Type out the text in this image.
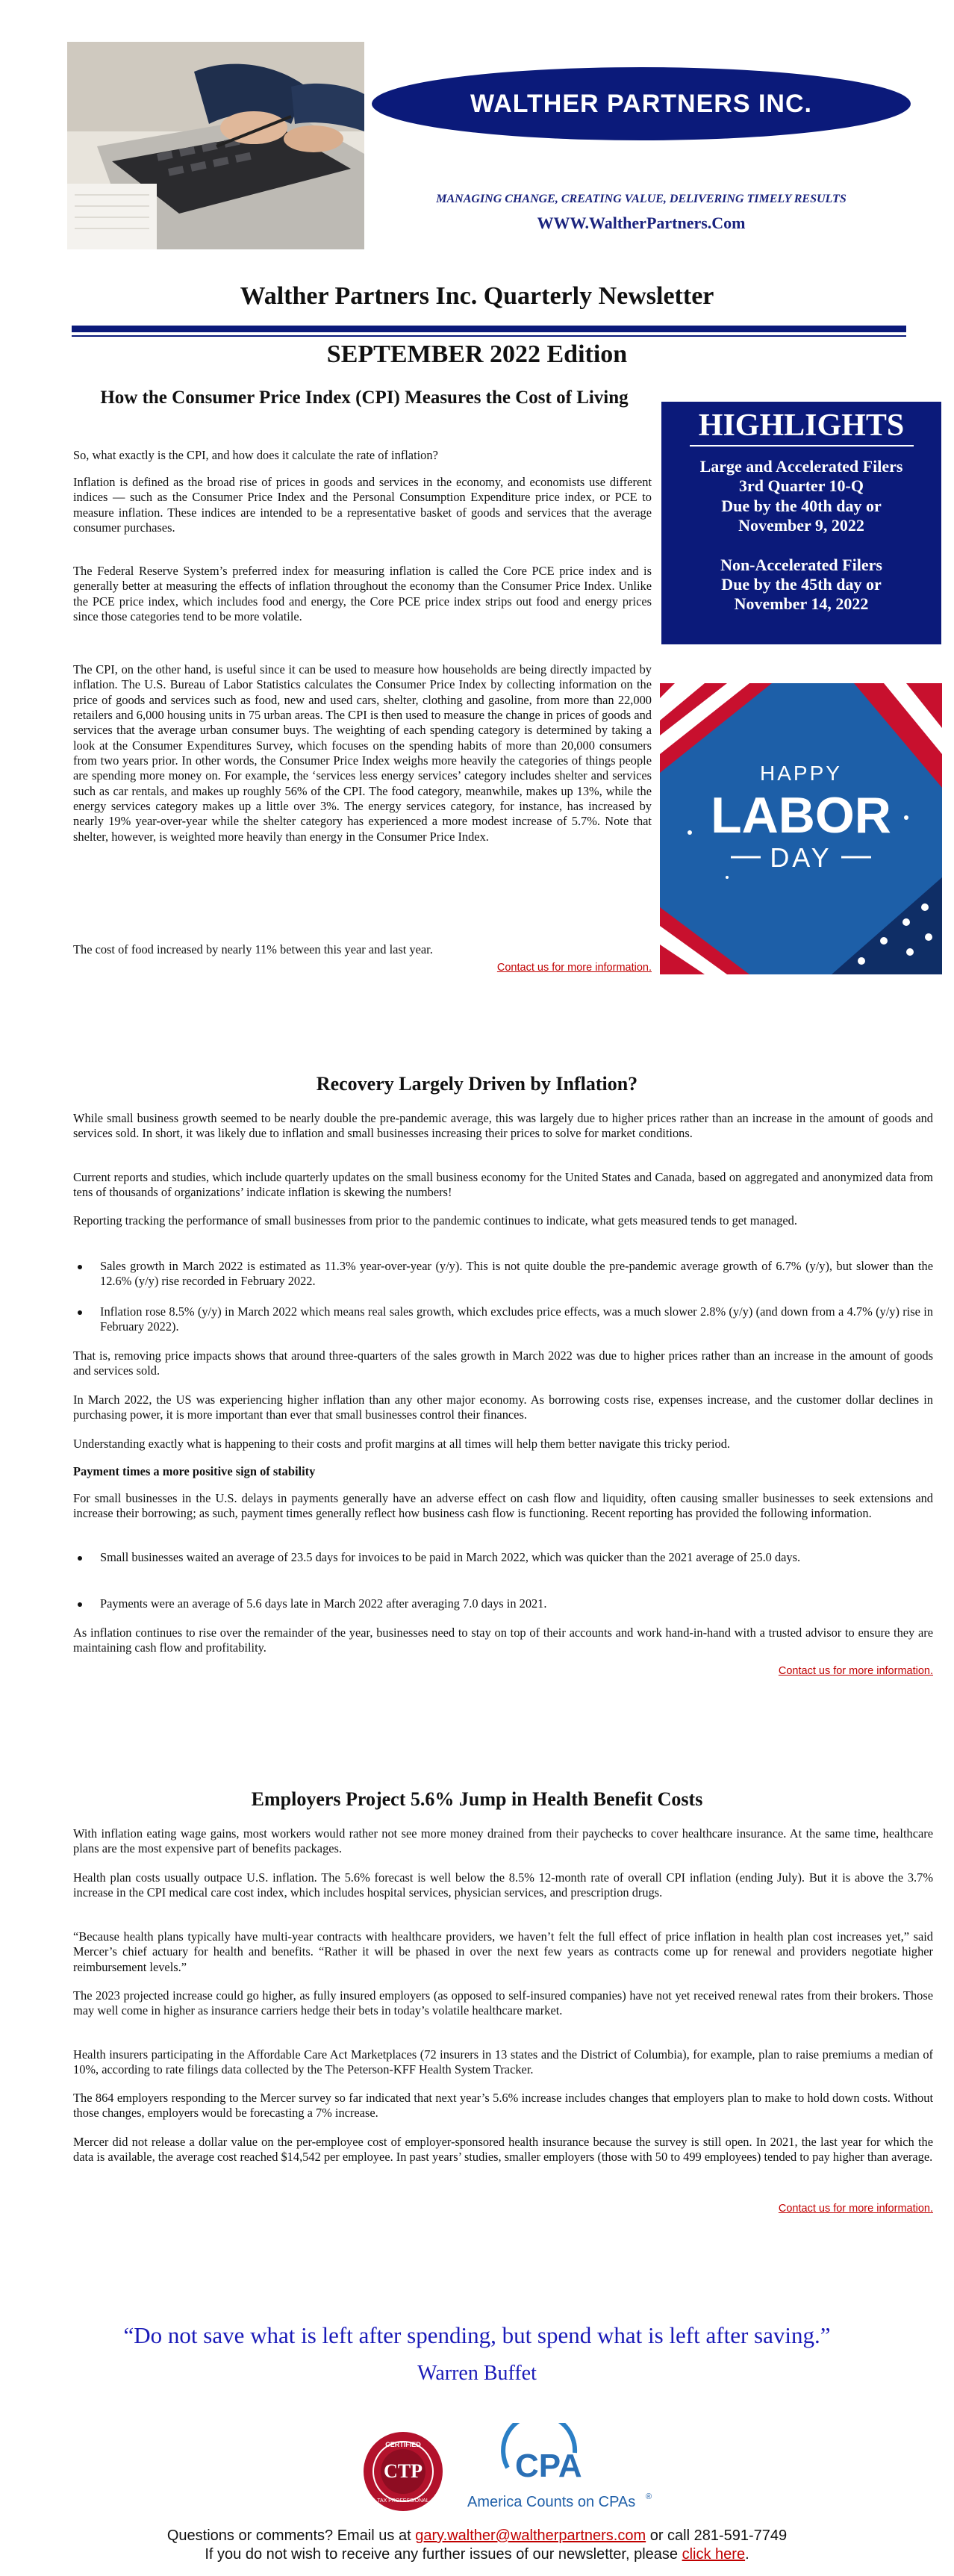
WALTHER PARTNERS INC.
MANAGING CHANGE, CREATING VALUE, DELIVERING TIMELY RESULTS
WWW.WaltherPartners.Com
Walther Partners Inc. Quarterly Newsletter
SEPTEMBER 2022 Edition
How the Consumer Price Index (CPI) Measures the Cost of Living

So, what exactly is the CPI, and how does it calculate the rate of inflation?

Inflation is defined as the broad rise of prices in goods and services in the economy, and economists use different indices — such as the Consumer Price Index and the Personal Consumption Expenditure price index, or PCE to measure inflation. These indices are intended to be a representative basket of goods and services that the average consumer purchases.

The Federal Reserve System’s preferred index for measuring inflation is called the Core PCE price index and is generally better at measuring the effects of inflation throughout the economy than the Consumer Price Index. Unlike the PCE price index, which includes food and energy, the Core PCE price index strips out food and energy prices since those categories tend to be more volatile.

The CPI, on the other hand, is useful since it can be used to measure how households are being directly impacted by inflation. The U.S. Bureau of Labor Statistics calculates the Consumer Price Index by collecting information on the price of goods and services such as food, new and used cars, shelter, clothing and gasoline, from more than 22,000 retailers and 6,000 housing units in 75 urban areas. The CPI is then used to measure the change in prices of goods and services that the average urban consumer buys. The weighting of each spending category is determined by taking a look at the Consumer Expenditures Survey, which focuses on the spending habits of more than 20,000 consumers from two years prior. In other words, the Consumer Price Index weighs more heavily the categories of things people are spending more money on. For example, the ‘services less energy services’ category includes shelter and services such as car rentals, and makes up roughly 56% of the CPI. The food category, meanwhile, makes up 13%, while the energy services category makes up a little over 3%. The energy services category, for instance, has increased by nearly 19% year-over-year while the shelter category has experienced a more modest increase of 5.7%. Note that shelter, however, is weighted more heavily than energy in the Consumer Price Index.

The cost of food increased by nearly 11% between this year and last year.

Contact us for more information.
HIGHLIGHTS
Large and Accelerated Filers
3rd Quarter 10-Q
Due by the 40th day or
November 9, 2022
Non-Accelerated Filers
Due by the 45th day or
November 14, 2022
HAPPY
LABOR
DAY
Recovery Largely Driven by Inflation?

While small business growth seemed to be nearly double the pre-pandemic average, this was largely due to higher prices rather than an increase in the amount of goods and services sold. In short, it was likely due to inflation and small businesses increasing their prices to solve for market conditions.

Current reports and studies, which include quarterly updates on the small business economy for the United States and Canada, based on aggregated and anonymized data from tens of thousands of organizations’ indicate inflation is skewing the numbers!

Reporting tracking the performance of small businesses from prior to the pandemic continues to indicate, what gets measured tends to get managed.

Sales growth in March 2022 is estimated as 11.3% year-over-year (y/y). This is not quite double the pre-pandemic average growth of 6.7% (y/y), but slower than the 12.6% (y/y) rise recorded in February 2022.
Inflation rose 8.5% (y/y) in March 2022 which means real sales growth, which excludes price effects, was a much slower 2.8% (y/y) (and down from a 4.7% (y/y) rise in February 2022).

That is, removing price impacts shows that around three-quarters of the sales growth in March 2022 was due to higher prices rather than an increase in the amount of goods and services sold.

In March 2022, the US was experiencing higher inflation than any other major economy. As borrowing costs rise, expenses increase, and the customer dollar declines in purchasing power, it is more important than ever that small businesses control their finances.

Understanding exactly what is happening to their costs and profit margins at all times will help them better navigate this tricky period.

Payment times a more positive sign of stability

For small businesses in the U.S. delays in payments generally have an adverse effect on cash flow and liquidity, often causing smaller businesses to seek extensions and increase their borrowing; as such, payment times generally reflect how business cash flow is functioning. Recent reporting has provided the following information.

Small businesses waited an average of 23.5 days for invoices to be paid in March 2022, which was quicker than the 2021 average of 25.0 days.
Payments were an average of 5.6 days late in March 2022 after averaging 7.0 days in 2021.

As inflation continues to rise over the remainder of the year, businesses need to stay on top of their accounts and work hand-in-hand with a trusted advisor to ensure they are maintaining cash flow and profitability.

Contact us for more information.
Employers Project 5.6% Jump in Health Benefit Costs

With inflation eating wage gains, most workers would rather not see more money drained from their paychecks to cover healthcare insurance. At the same time, healthcare plans are the most expensive part of benefits packages.

Health plan costs usually outpace U.S. inflation. The 5.6% forecast is well below the 8.5% 12-month rate of overall CPI inflation (ending July). But it is above the 3.7% increase in the CPI medical care cost index, which includes hospital services, physician services, and prescription drugs.

“Because health plans typically have multi-year contracts with healthcare providers, we haven’t felt the full effect of price inflation in health plan cost increases yet,” said Mercer’s chief actuary for health and benefits. “Rather it will be phased in over the next few years as contracts come up for renewal and providers negotiate higher reimbursement levels.”

The 2023 projected increase could go higher, as fully insured employers (as opposed to self-insured companies) have not yet received renewal rates from their brokers. Those may well come in higher as insurance carriers hedge their bets in today’s volatile healthcare market.

Health insurers participating in the Affordable Care Act Marketplaces (72 insurers in 13 states and the District of Columbia), for example, plan to raise premiums a median of 10%, according to rate filings data collected by the The Peterson-KFF Health System Tracker.

The 864 employers responding to the Mercer survey so far indicated that next year’s 5.6% increase includes changes that employers plan to make to hold down costs. Without those changes, employers would be forecasting a 7% increase.

Mercer did not release a dollar value on the per-employee cost of employer-sponsored health insurance because the survey is still open. In 2021, the last year for which the data is available, the average cost reached $14,542 per employee. In past years’ studies, smaller employers (those with 50 to 499 employees) tended to pay higher than average.

Contact us for more information.
“Do not save what is left after spending, but spend what is left after saving.”
Warren Buffet
CERTIFIED
CTP
TAX PROFESSIONAL
CPA
America Counts on CPAs ®
Questions or comments? Email us at gary.walther@waltherpartners.com or call 281-591-7749
If you do not wish to receive any further issues of our newsletter, please click here.
